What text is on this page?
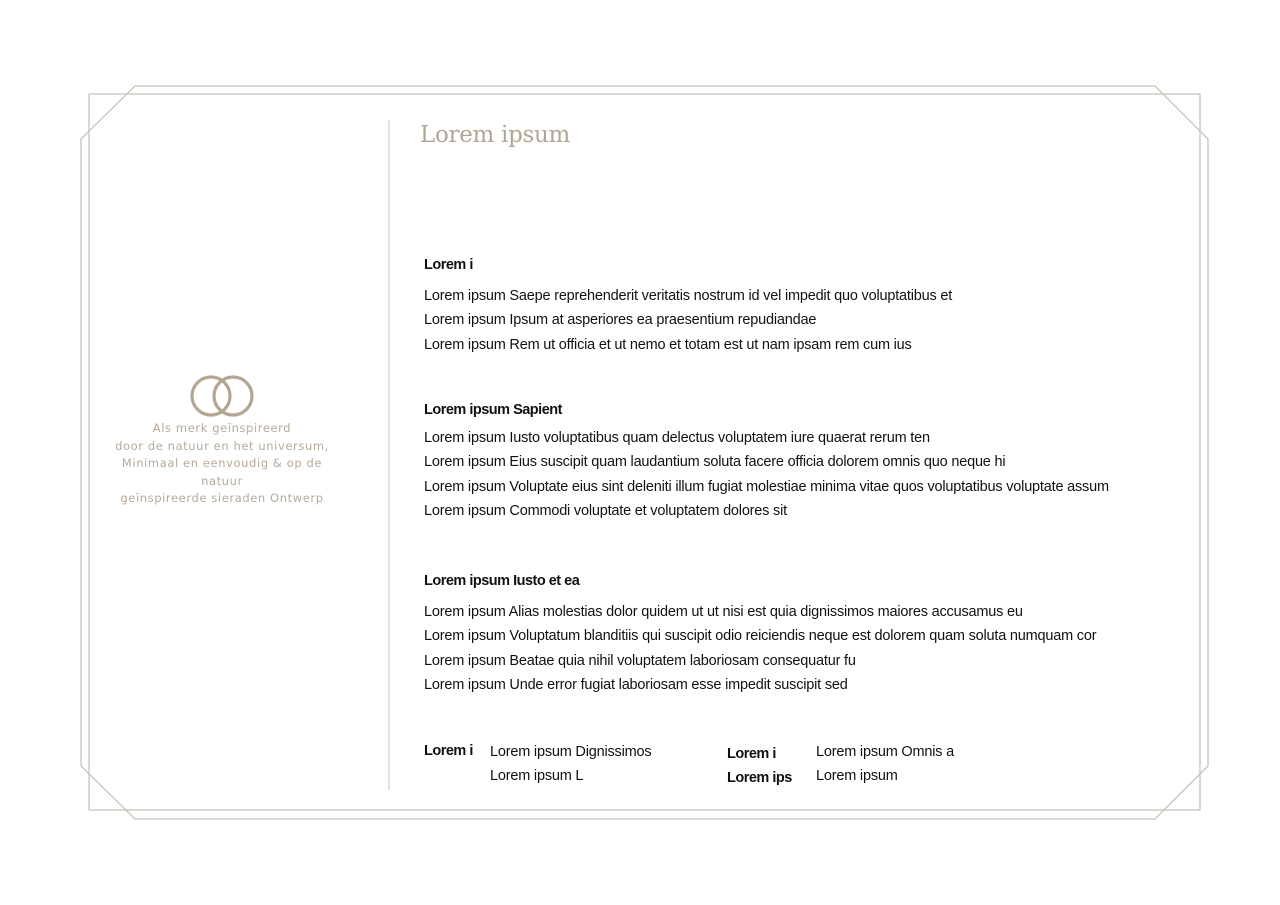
Als merk geïnspireerd
door de natuur en het universum,
Minimaal en eenvoudig & op de
natuur
geïnspireerde sieraden Ontwerp
Lorem ipsum
Lorem i
Lorem ipsum Saepe reprehenderit veritatis nostrum id vel impedit quo voluptatibus et
Lorem ipsum Ipsum at asperiores ea praesentium repudiandae
Lorem ipsum Rem ut officia et ut nemo et totam est ut nam ipsam rem cum ius
Lorem ipsum Sapient
Lorem ipsum Iusto voluptatibus quam delectus voluptatem iure quaerat rerum ten
Lorem ipsum Eius suscipit quam laudantium soluta facere officia dolorem omnis quo neque hi
Lorem ipsum Voluptate eius sint deleniti illum fugiat molestiae minima vitae quos voluptatibus voluptate assum
Lorem ipsum Commodi voluptate et voluptatem dolores sit
Lorem ipsum Iusto et ea
Lorem ipsum Alias molestias dolor quidem ut ut nisi est quia dignissimos maiores accusamus eu
Lorem ipsum Voluptatum blanditiis qui suscipit odio reiciendis neque est dolorem quam soluta numquam cor
Lorem ipsum Beatae quia nihil voluptatem laboriosam consequatur fu
Lorem ipsum Unde error fugiat laboriosam esse impedit suscipit sed
Lorem i Lorem ipsum Dignissimos
Lorem ipsum L
Lorem i
Lorem ips
Lorem ipsum Omnis a
Lorem ipsum
